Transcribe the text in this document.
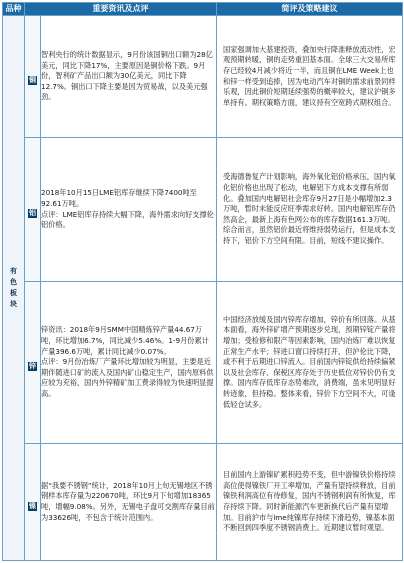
品种	重要资讯及点评		简评及策略建议
有色板块	铜	智利央行的统计数据显示，9月份该国铜出口额为28亿美元，同比下降17%，主要原因是铜价格下跌。9月份，智利矿产品出口额为30亿美元，同比下降12.7%。铜出口下降主要是因为贸易战，以及美元强劲。	国家强调加大基建投资，叠加央行降准释放流动性，宏观预期转暖，铜的走势重回基本面。全球三大交易所库存已经较4月减少将近一半，而且铜在LME Week上也和锌一样受到追捧，因为电动汽车对铜的需求前景同样乐观，因此铜价短期延续强势的概率较大，建议沪铜多单持有。期权策略方面，建议持有空宽跨式期权组合。
	铝	2018年10月15日LME铝库存继续下降7400吨至92.61万吨。
点评：LME铝库存持续大幅下降，海外需求向好支撑伦铝价格。	受海德鲁复产计划影响，海外氧化铝价格承压，国内氧化铝价格也出现了松动，电解铝下方成本支撑有所弱化。叠加国内电解铝社会库存9月27日是小幅增加2.3万吨，暂时未能反应旺季需求好转。国内电解铝库存仍然高企，最新上海有色网公布的库存数据161.3万吨。综合而言，虽然铝价最近将维持弱势运行，但是成本支持下，铝价下方空间有限。目前，短线不建议操作。
	锌	锌资讯：2018年9月SMM中国精炼锌产量44.67万吨，环比增加6.7%，同比减少5.46%。1-9月份累计产量396.6万吨，累计同比减少0.07%。
点评：9月份冶炼厂产量环比增加较为明显，主要是近期伴随进口矿的流入及国内矿山稳定生产，国内原料供应较为充裕，国内外锌精矿加工费录得较为快速明显提高。	中国经济放缓及国内锌库存增加，锌价有所回落。从基本面看，海外锌矿增产预期逐步兑现，预期锌锭产量将增加；受检修和限产等因素影响，国内冶炼厂难以恢复正常生产水平；锌进口窗口持续打开，但沪伦比下降，或不利于后期进口锌流入。目前国内锌锭供给持续偏紧以及社会库存、保税区库存处于历史低位对锌价仍有支撑。国内库存低库存态势难改，消费端，虽未见明显好转迹象，但持稳。整体来看，锌价下方空间不大，可逢低轻仓试多。
	镍	据“我要不锈钢”统计，2018年10月上旬无锡地区不锈钢样本库存量为220670吨，环比9月下旬增加18365吨，增幅9.08%。另外，无锡电子盘可交割库存量目前为33626吨，不包含于统计范围内。	目前国内上游镍矿累积趋势不变，但中游镍铁价格持续高位使得镍铁厂开工率增加，产量有望持续释放，目前镍铁利润高位有待修复，国内不锈钢利润有所恢复，库存持续下降。同时新能源汽车更新换代后产量有望增加。目前沪市与lme纯镍库存持续下滑趋势，镍基本面不断回到四季度不锈钢消费上。近期建议暂时观望。
